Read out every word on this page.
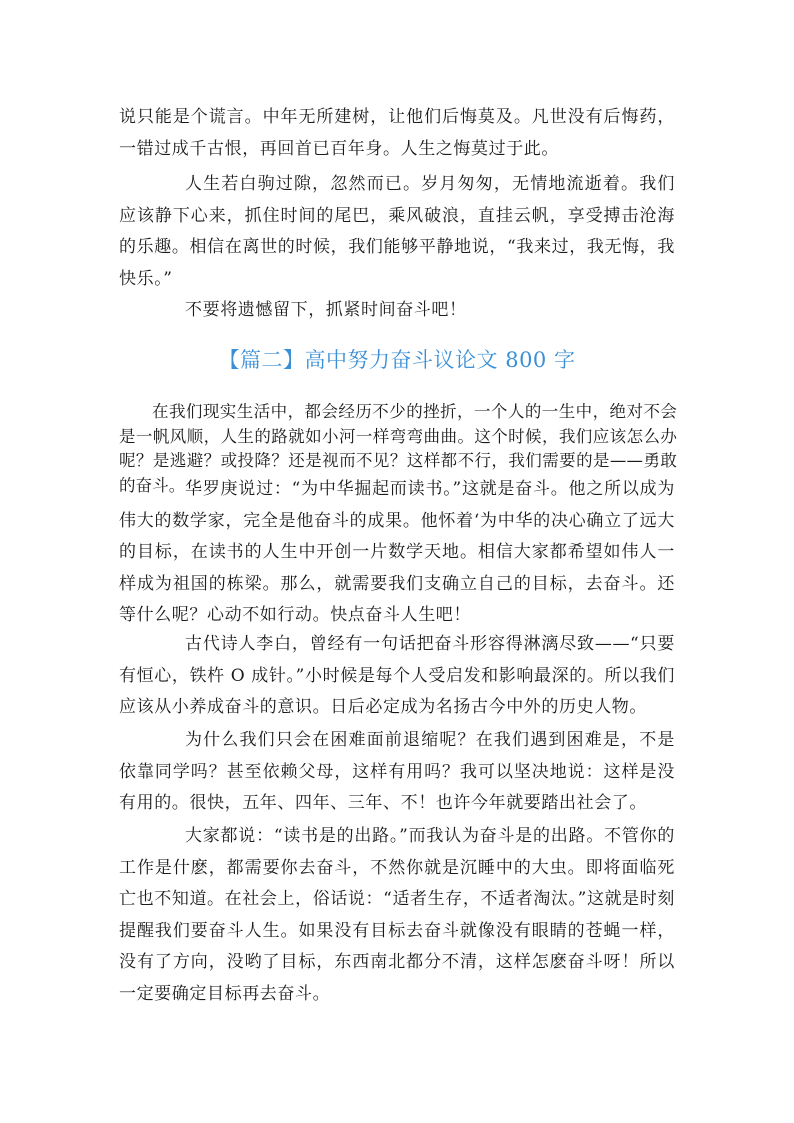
说只能是个谎言。中年无所建树，让他们后悔莫及。凡世没有后悔药，一错过成千古恨，再回首已百年身。人生之悔莫过于此。

人生若白驹过隙，忽然而已。岁月匆匆，无情地流逝着。我们应该静下心来，抓住时间的尾巴，乘风破浪，直挂云帆，享受搏击沧海的乐趣。相信在离世的时候，我们能够平静地说，“我来过，我无悔，我快乐。”

不要将遗憾留下，抓紧时间奋斗吧！

【篇二】高中努力奋斗议论文 800 字

在我们现实生活中，都会经历不少的挫折，一个人的一生中，绝对不会是一帆风顺，人生的路就如小河一样弯弯曲曲。这个时候，我们应该怎么办呢？是逃避？或投降？还是视而不见？这样都不行，我们需要的是——勇敢的奋斗。 华罗庚说过：“为中华掘起而读书。”这就是奋斗。他之所以成为伟大的数学家，完全是他奋斗的成果。他怀着‘为中华的决心确立了远大的目标，在读书的人生中开创一片数学天地。相信大家都希望如伟人一样成为祖国的栋梁。那么，就需要我们支确立自己的目标，去奋斗。还等什么呢？心动不如行动。快点奋斗人生吧！

古代诗人李白，曾经有一句话把奋斗形容得淋漓尽致——“只要有恒心，铁杵 O 成针。”小时候是每个人受启发和影响最深的。所以我们应该从小养成奋斗的意识。日后必定成为名扬古今中外的历史人物。

为什么我们只会在困难面前退缩呢？在我们遇到困难是，不是依靠同学吗？甚至依赖父母，这样有用吗？我可以坚决地说：这样是没有用的。很快，五年、四年、三年、不！也许今年就要踏出社会了。

大家都说：“读书是的出路。”而我认为奋斗是的出路。不管你的工作是什麽，都需要你去奋斗，不然你就是沉睡中的大虫。即将面临死亡也不知道。在社会上，俗话说：“适者生存，不适者淘汰。”这就是时刻提醒我们要奋斗人生。如果没有目标去奋斗就像没有眼睛的苍蝇一样，没有了方向，没哟了目标，东西南北都分不清，这样怎麽奋斗呀！所以一定要确定目标再去奋斗。
